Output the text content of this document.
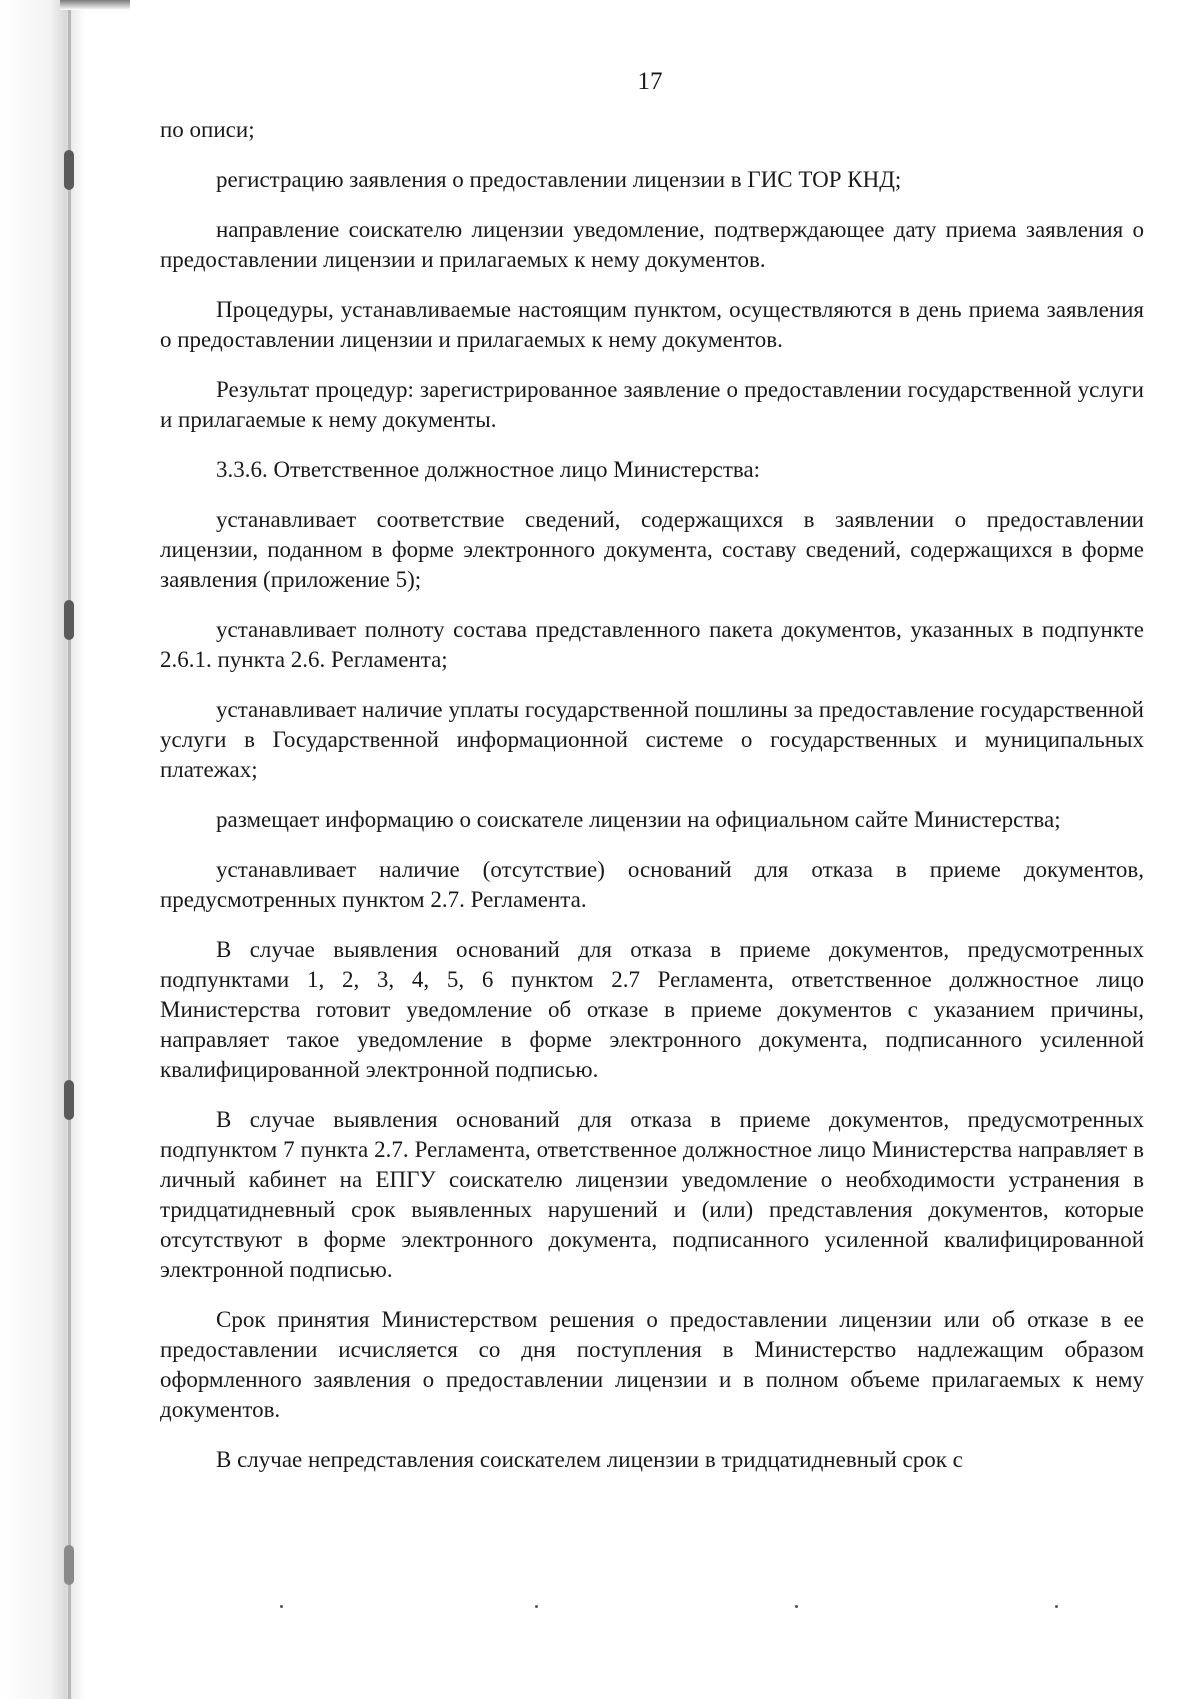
17

по описи;

регистрацию заявления о предоставлении лицензии в ГИС ТОР КНД;

направление соискателю лицензии уведомление, подтверждающее дату приема заявления о предоставлении лицензии и прилагаемых к нему документов.

Процедуры, устанавливаемые настоящим пунктом, осуществляются в день приема заявления о предоставлении лицензии и прилагаемых к нему документов.

Результат процедур: зарегистрированное заявление о предоставлении государственной услуги и прилагаемые к нему документы.

3.3.6. Ответственное должностное лицо Министерства:

устанавливает соответствие сведений, содержащихся в заявлении о предоставлении лицензии, поданном в форме электронного документа, составу сведений, содержащихся в форме заявления (приложение 5);

устанавливает полноту состава представленного пакета документов, указанных в подпункте 2.6.1. пункта 2.6. Регламента;

устанавливает наличие уплаты государственной пошлины за предоставление государственной услуги в Государственной информационной системе о государственных и муниципальных платежах;

размещает информацию о соискателе лицензии на официальном сайте Министерства;

устанавливает наличие (отсутствие) оснований для отказа в приеме документов, предусмотренных пунктом 2.7. Регламента.

В случае выявления оснований для отказа в приеме документов, предусмотренных подпунктами 1, 2, 3, 4, 5, 6 пунктом 2.7 Регламента, ответственное должностное лицо Министерства готовит уведомление об отказе в приеме документов с указанием причины, направляет такое уведомление в форме электронного документа, подписанного усиленной квалифицированной электронной подписью.

В случае выявления оснований для отказа в приеме документов, предусмотренных подпунктом 7 пункта 2.7. Регламента, ответственное должностное лицо Министерства направляет в личный кабинет на ЕПГУ соискателю лицензии уведомление о необходимости устранения в тридцатидневный срок выявленных нарушений и (или) представления документов, которые отсутствуют в форме электронного документа, подписанного усиленной квалифицированной электронной подписью.

Срок принятия Министерством решения о предоставлении лицензии или об отказе в ее предоставлении исчисляется со дня поступления в Министерство надлежащим образом оформленного заявления о предоставлении лицензии и в полном объеме прилагаемых к нему документов.

В случае непредставления соискателем лицензии в тридцатидневный срок с
